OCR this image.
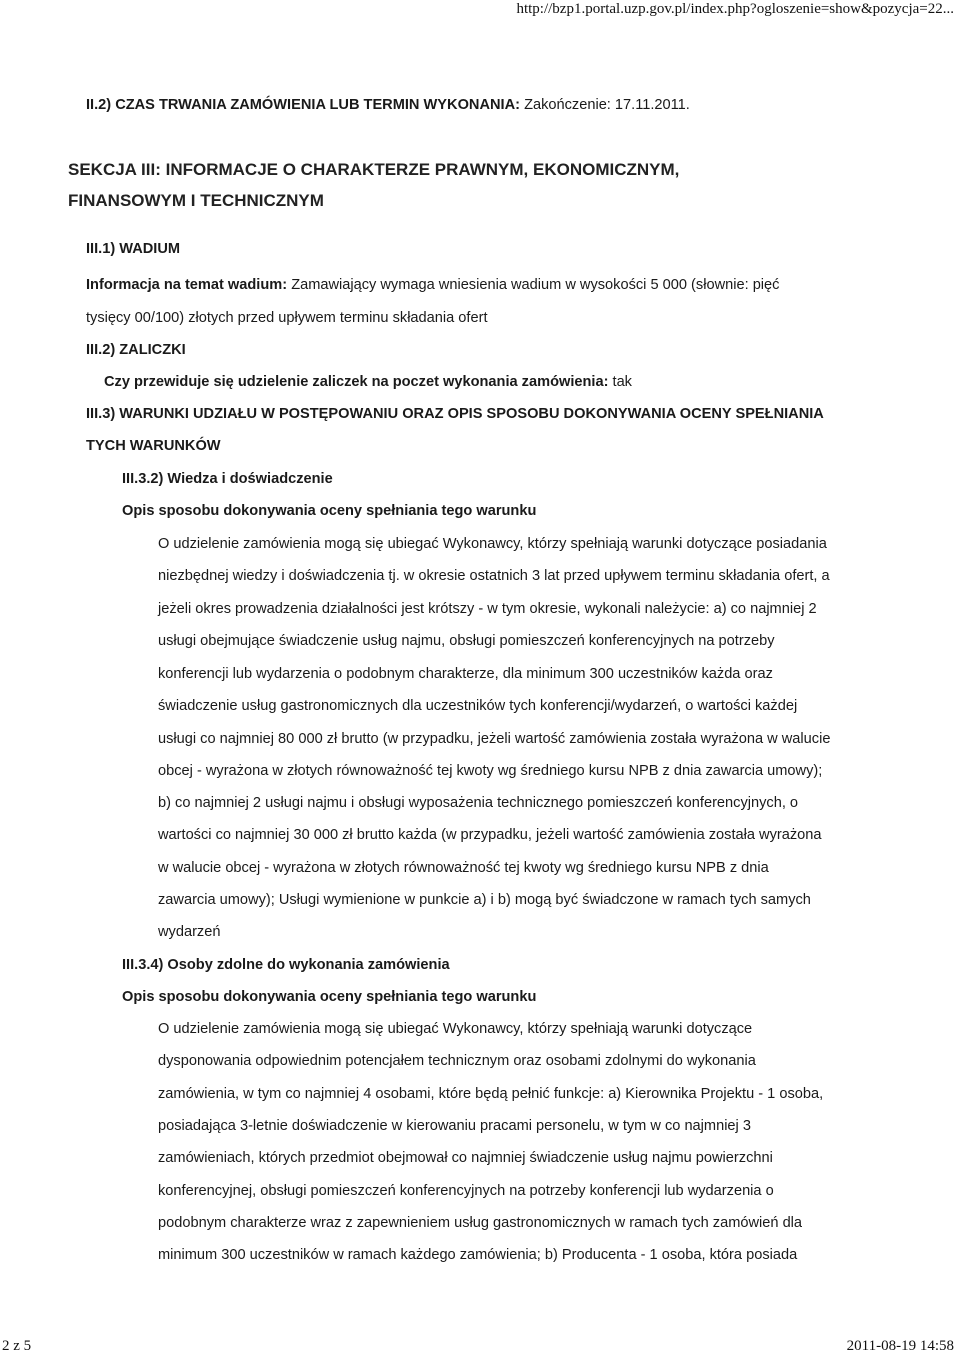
http://bzp1.portal.uzp.gov.pl/index.php?ogloszenie=show&pozycja=22...
II.2) CZAS TRWANIA ZAMÓWIENIA LUB TERMIN WYKONANIA: Zakończenie: 17.11.2011.
SEKCJA III: INFORMACJE O CHARAKTERZE PRAWNYM, EKONOMICZNYM,
FINANSOWYM I TECHNICZNYM
III.1) WADIUM
Informacja na temat wadium: Zamawiający wymaga wniesienia wadium w wysokości 5 000 (słownie: pięć
tysięcy 00/100) złotych przed upływem terminu składania ofert
III.2) ZALICZKI
Czy przewiduje się udzielenie zaliczek na poczet wykonania zamówienia: tak
III.3) WARUNKI UDZIAŁU W POSTĘPOWANIU ORAZ OPIS SPOSOBU DOKONYWANIA OCENY SPEŁNIANIA
TYCH WARUNKÓW
III.3.2) Wiedza i doświadczenie
Opis sposobu dokonywania oceny spełniania tego warunku
O udzielenie zamówienia mogą się ubiegać Wykonawcy, którzy spełniają warunki dotyczące posiadania
niezbędnej wiedzy i doświadczenia tj. w okresie ostatnich 3 lat przed upływem terminu składania ofert, a
jeżeli okres prowadzenia działalności jest krótszy - w tym okresie, wykonali należycie: a) co najmniej 2
usługi obejmujące świadczenie usług najmu, obsługi pomieszczeń konferencyjnych na potrzeby
konferencji lub wydarzenia o podobnym charakterze, dla minimum 300 uczestników każda oraz
świadczenie usług gastronomicznych dla uczestników tych konferencji/wydarzeń, o wartości każdej
usługi co najmniej 80 000 zł brutto (w przypadku, jeżeli wartość zamówienia została wyrażona w walucie
obcej - wyrażona w złotych równoważność tej kwoty wg średniego kursu NPB z dnia zawarcia umowy);
b) co najmniej 2 usługi najmu i obsługi wyposażenia technicznego pomieszczeń konferencyjnych, o
wartości co najmniej 30 000 zł brutto każda (w przypadku, jeżeli wartość zamówienia została wyrażona
w walucie obcej - wyrażona w złotych równoważność tej kwoty wg średniego kursu NPB z dnia
zawarcia umowy); Usługi wymienione w punkcie a) i b) mogą być świadczone w ramach tych samych
wydarzeń
III.3.4) Osoby zdolne do wykonania zamówienia
Opis sposobu dokonywania oceny spełniania tego warunku
O udzielenie zamówienia mogą się ubiegać Wykonawcy, którzy spełniają warunki dotyczące
dysponowania odpowiednim potencjałem technicznym oraz osobami zdolnymi do wykonania
zamówienia, w tym co najmniej 4 osobami, które będą pełnić funkcje: a) Kierownika Projektu - 1 osoba,
posiadająca 3-letnie doświadczenie w kierowaniu pracami personelu, w tym w co najmniej 3
zamówieniach, których przedmiot obejmował co najmniej świadczenie usług najmu powierzchni
konferencyjnej, obsługi pomieszczeń konferencyjnych na potrzeby konferencji lub wydarzenia o
podobnym charakterze wraz z zapewnieniem usług gastronomicznych w ramach tych zamówień dla
minimum 300 uczestników w ramach każdego zamówienia; b) Producenta - 1 osoba, która posiada
2 z 5	2011-08-19 14:58
